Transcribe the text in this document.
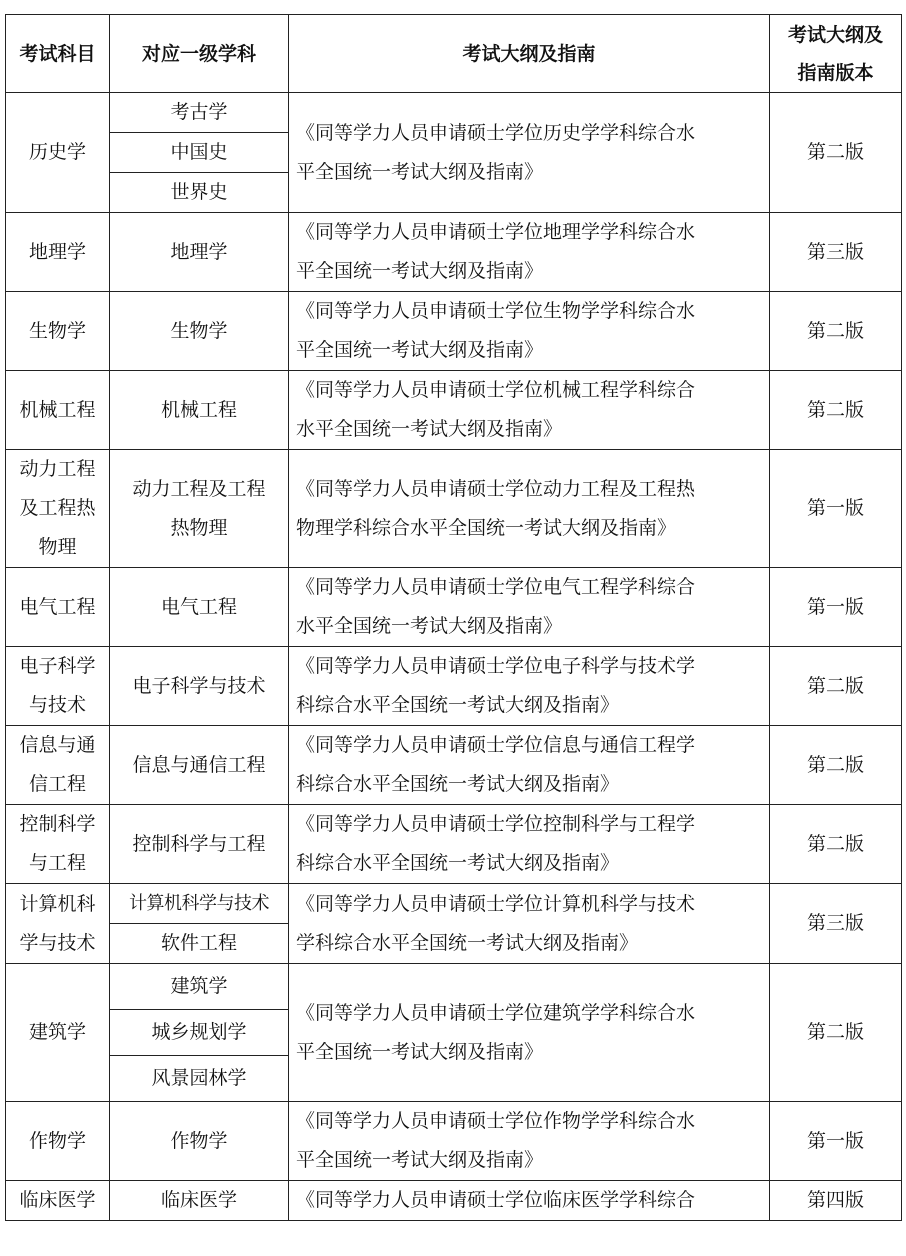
考试科目	对应一级学科	考试大纲及指南	考试大纲及
指南版本
历史学	考古学	《同等学力人员申请硕士学位历史学学科综合水
平全国统一考试大纲及指南》	第二版
	中国史		
	世界史		
地理学	地理学	《同等学力人员申请硕士学位地理学学科综合水
平全国统一考试大纲及指南》	第三版
生物学	生物学	《同等学力人员申请硕士学位生物学学科综合水
平全国统一考试大纲及指南》	第二版
机械工程	机械工程	《同等学力人员申请硕士学位机械工程学科综合
水平全国统一考试大纲及指南》	第二版
动力工程
及工程热
物理	动力工程及工程
热物理	《同等学力人员申请硕士学位动力工程及工程热
物理学科综合水平全国统一考试大纲及指南》	第一版
电气工程	电气工程	《同等学力人员申请硕士学位电气工程学科综合
水平全国统一考试大纲及指南》	第一版
电子科学
与技术	电子科学与技术	《同等学力人员申请硕士学位电子科学与技术学
科综合水平全国统一考试大纲及指南》	第二版
信息与通
信工程	信息与通信工程	《同等学力人员申请硕士学位信息与通信工程学
科综合水平全国统一考试大纲及指南》	第二版
控制科学
与工程	控制科学与工程	《同等学力人员申请硕士学位控制科学与工程学
科综合水平全国统一考试大纲及指南》	第二版
计算机科
学与技术	计算机科学与技术	《同等学力人员申请硕士学位计算机科学与技术
学科综合水平全国统一考试大纲及指南》	第三版
	软件工程		
建筑学	建筑学	《同等学力人员申请硕士学位建筑学学科综合水
平全国统一考试大纲及指南》	第二版
	城乡规划学		
	风景园林学		
作物学	作物学	《同等学力人员申请硕士学位作物学学科综合水
平全国统一考试大纲及指南》	第一版
临床医学	临床医学	《同等学力人员申请硕士学位临床医学学科综合	第四版
